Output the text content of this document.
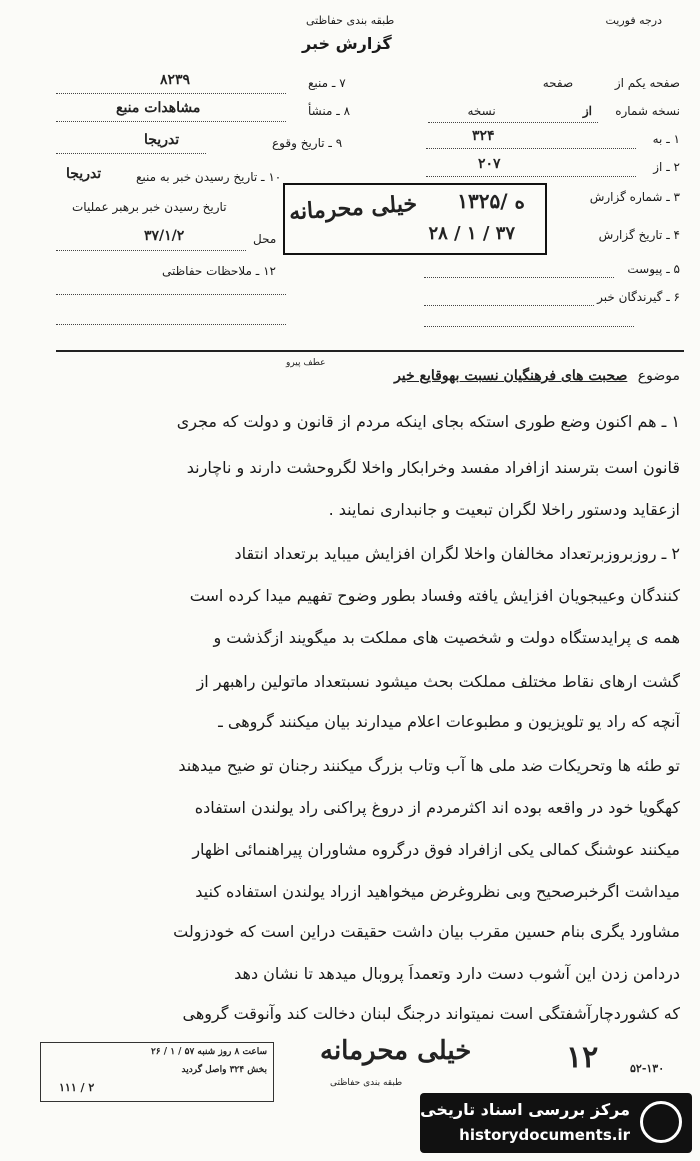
درجه فوریت
طبقه بندی حفاظتی
گزارش خبر
صفحه یکم از  صفحه
نسخه شماره از  نسخه
۱ ـ به
۳۲۴
۲ ـ از
۲۰۷
۳ ـ شماره گزارش
۴ ـ تاریخ گزارش
۵ ـ پیوست
۶ ـ گیرندگان خبر
۷ ـ منبع
۸۲۳۹
۸ ـ منشأ
مشاهدات منبع
۹ ـ تاریخ وقوع
تدریجا
۱۰ ـ تاریخ رسیدن خبر به منبع
تدریجا
تاریخ رسیدن خبر برهبر عملیات
محل
۳۷/۱/۲
۱۲ ـ ملاحظات حفاظتی
۱۳۲۵/ ه
۲۸ / ۱ / ۳۷
خیلی محرمانه
موضوع صحبت های فرهنگیان نسبت بهوقایع خیر
عطف پیرو
۱ ـ هم اکنون وضع طوری استکه بجای اینکه مردم از قانون و دولت که مجری
قانون است بترسند ازافراد مفسد وخرابکار واخلا لگروحشت دارند و ناچارند
ازعقاید ودستور راخلا لگران تبعیت و جانبداری نمایند .
۲ ـ روزبروزبرتعداد مخالفان واخلا لگران افزایش میباید برتعداد انتقاد
کنندگان وعیبجویان افزایش یافته وفساد بطور وضوح تفهیم میدا کرده است
همه ی پرایدستگاه دولت و شخصیت های مملکت بد میگویند ازگذشت و
گشت ارهای نقاط مختلف مملکت بحث میشود نسبتعداد ماتولین راهبهر از
آنچه که راد یو تلویزیون و مطبوعات اعلام میدارند بیان میکنند گروهی ـ
تو طئه ها وتحریکات ضد ملی ها آب وتاب بزرگ میکنند رجنان تو ضیح میدهند
کهگویا خود در واقعه بوده اند اکثرمردم از دروغ پراکنی راد یولندن استفاده
میکنند عوشنگ کمالی یکی ازافراد فوق درگروه مشاوران پیراهنمائی اظهار
میداشت اگرخبرصحیح وبی نظروغرض میخواهید ازراد یولندن استفاده کنید
مشاورد یگری بنام حسین مقرب بیان داشت حقیقت دراین است که خودزولت
دردامن زدن این آشوب دست دارد وتعمداً پروبال میدهد تا نشان دهد
که کشوردچارآشفتگی است نمیتواند درجنگ لبنان دخالت کند وآنوقت گروهی
خیلی محرمانه
طبقه بندی حفاظتی
ساعت ۸ روز شنبه ۵۷ / ۱ / ۲۶
بخش ۳۲۴ واصل گردید
۱۱۱ / ۲
۱۲	۵۲-۱۳۰
مرکز بررسی اسناد تاریخی
historydocuments.ir
